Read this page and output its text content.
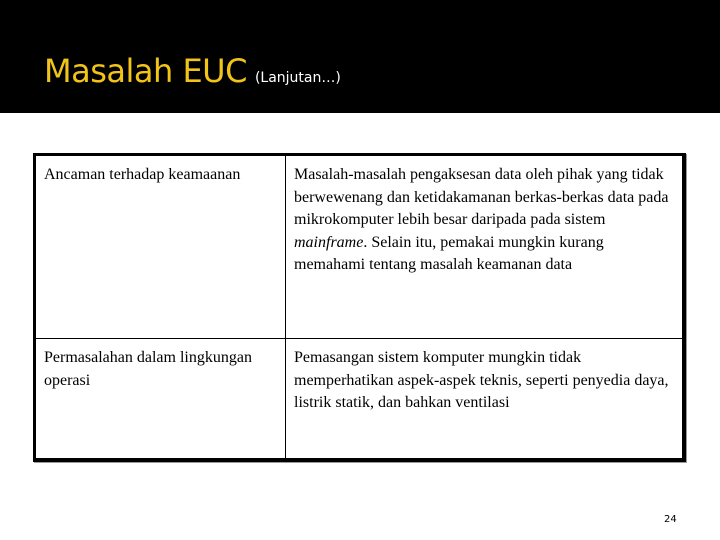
Masalah EUC (Lanjutan…)
Ancaman terhadap keamaanan	Masalah-masalah pengaksesan data oleh pihak yang tidak berwewenang dan ketidakamanan berkas-berkas data pada mikrokomputer lebih besar daripada pada sistem mainframe. Selain itu, pemakai mungkin kurang memahami tentang masalah keamanan data
Permasalahan dalam lingkungan operasi	Pemasangan sistem komputer mungkin tidak memperhatikan aspek-aspek teknis, seperti penyedia daya, listrik statik, dan bahkan ventilasi
24
